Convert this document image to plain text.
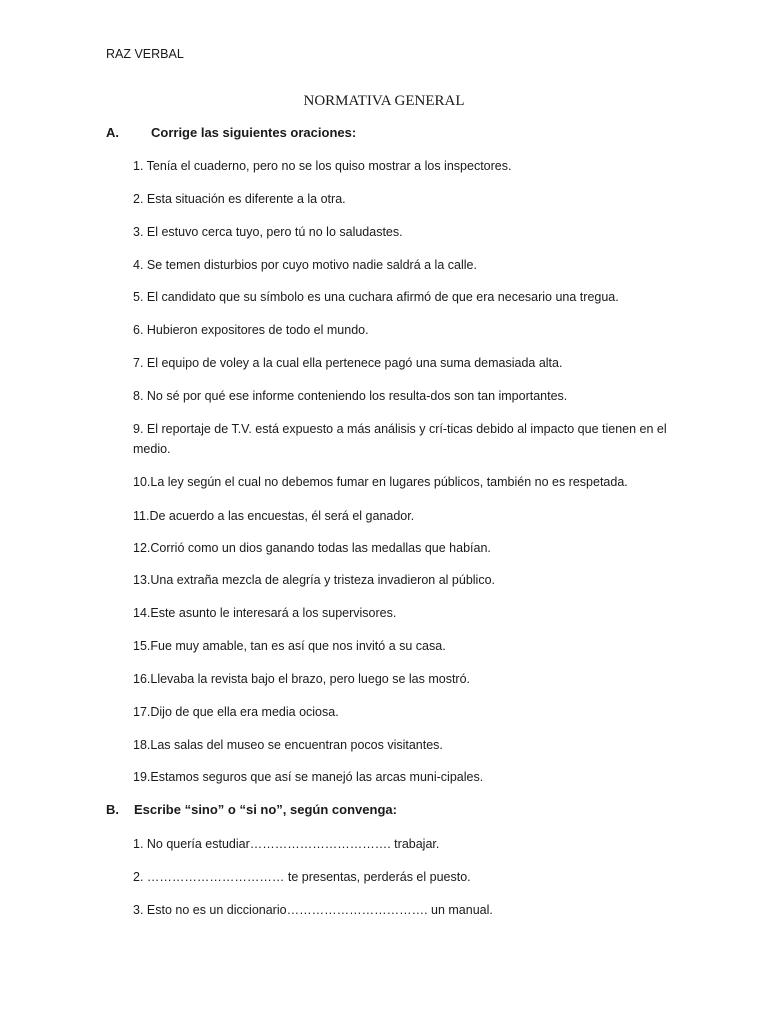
RAZ VERBAL
NORMATIVA GENERAL
A. Corrige las siguientes oraciones:
1. Tenía el cuaderno, pero no se los quiso mostrar a los inspectores.
2. Esta situación es diferente a la otra.
3. El estuvo cerca tuyo, pero tú no lo saludastes.
4. Se temen disturbios por cuyo motivo nadie saldrá a la calle.
5. El candidato que su símbolo es una cuchara afirmó de que era necesario una tregua.
6. Hubieron expositores de todo el mundo.
7. El equipo de voley a la cual ella pertenece pagó una suma demasiada alta.
8. No sé por qué ese informe conteniendo los resulta-dos son tan importantes.
9. El reportaje de T.V. está expuesto a más análisis y crí-ticas debido al impacto que tienen en el medio.
10.La ley según el cual no debemos fumar en lugares públicos, también no es respetada.
11.De acuerdo a las encuestas, él será el ganador.
12.Corrió como un dios ganando todas las medallas que habían.
13.Una extraña mezcla de alegría y tristeza invadieron al público.
14.Este asunto le interesará a los supervisores.
15.Fue muy amable, tan es así que nos invitó a su casa.
16.Llevaba la revista bajo el brazo, pero luego se las mostró.
17.Dijo de que ella era media ociosa.
18.Las salas del museo se encuentran pocos visitantes.
19.Estamos seguros que así se manejó las arcas muni-cipales.
B. Escribe “sino” o “si no”, según convenga:
1. No quería estudiar……………………………. trabajar.
2. …………………………… te presentas, perderás el puesto.
3. Esto no es un diccionario……………………………. un manual.
